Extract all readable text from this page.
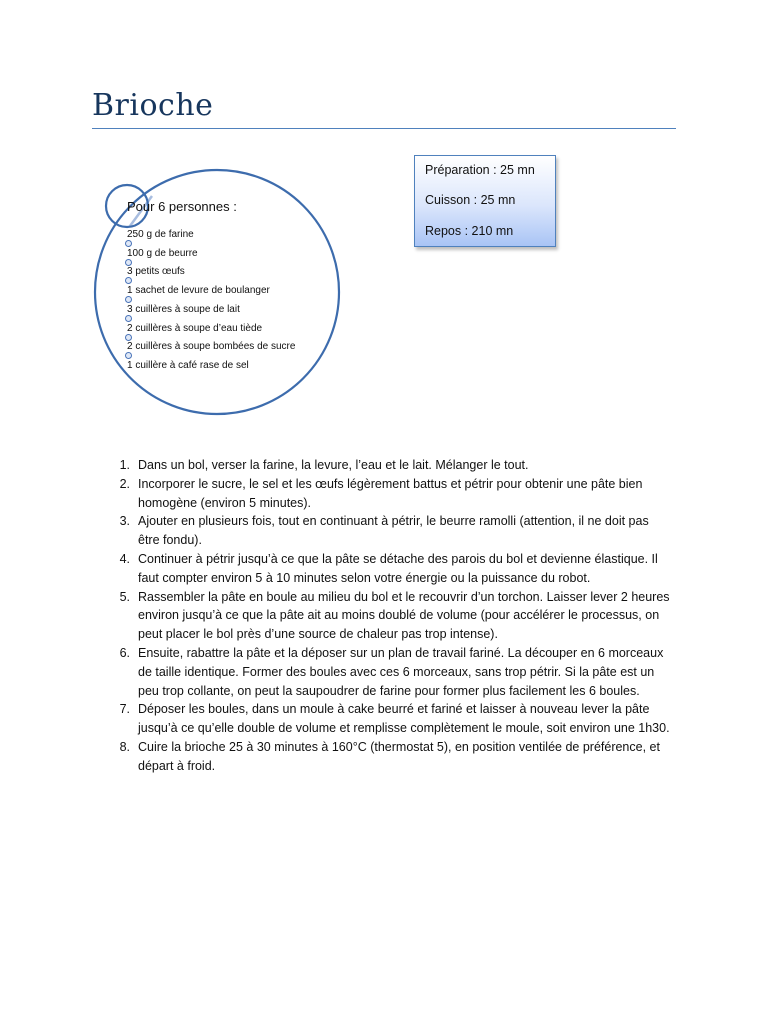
Brioche
Pour 6 personnes :
250 g de farine
100 g de beurre
3 petits œufs
1 sachet de levure de boulanger
3 cuillères à soupe de lait
2 cuillères à soupe d’eau tiède
2 cuillères à soupe bombées de sucre
1 cuillère à café rase de sel
Préparation : 25 mn
Cuisson : 25 mn
Repos : 210 mn
1. Dans un bol, verser la farine, la levure, l’eau et le lait. Mélanger le tout.
2. Incorporer le sucre, le sel et les œufs légèrement battus et pétrir pour obtenir une pâte bien homogène (environ 5 minutes).
3. Ajouter en plusieurs fois, tout en continuant à pétrir, le beurre ramolli (attention, il ne doit pas être fondu).
4. Continuer à pétrir jusqu’à ce que la pâte se détache des parois du bol et devienne élastique. Il faut compter environ 5 à 10 minutes selon votre énergie ou la puissance du robot.
5. Rassembler la pâte en boule au milieu du bol et le recouvrir d’un torchon. Laisser lever 2 heures environ jusqu’à ce que la pâte ait au moins doublé de volume (pour accélérer le processus, on peut placer le bol près d’une source de chaleur pas trop intense).
6. Ensuite, rabattre la pâte et la déposer sur un plan de travail fariné. La découper en 6 morceaux de taille identique. Former des boules avec ces 6 morceaux, sans trop pétrir. Si la pâte est un peu trop collante, on peut la saupoudrer de farine pour former plus facilement les 6 boules.
7. Déposer les boules, dans un moule à cake beurré et fariné et laisser à nouveau lever la pâte jusqu’à ce qu’elle double de volume et remplisse complètement le moule, soit environ une 1h30.
8. Cuire la brioche 25 à 30 minutes à 160°C (thermostat 5), en position ventilée de préférence, et départ à froid.
